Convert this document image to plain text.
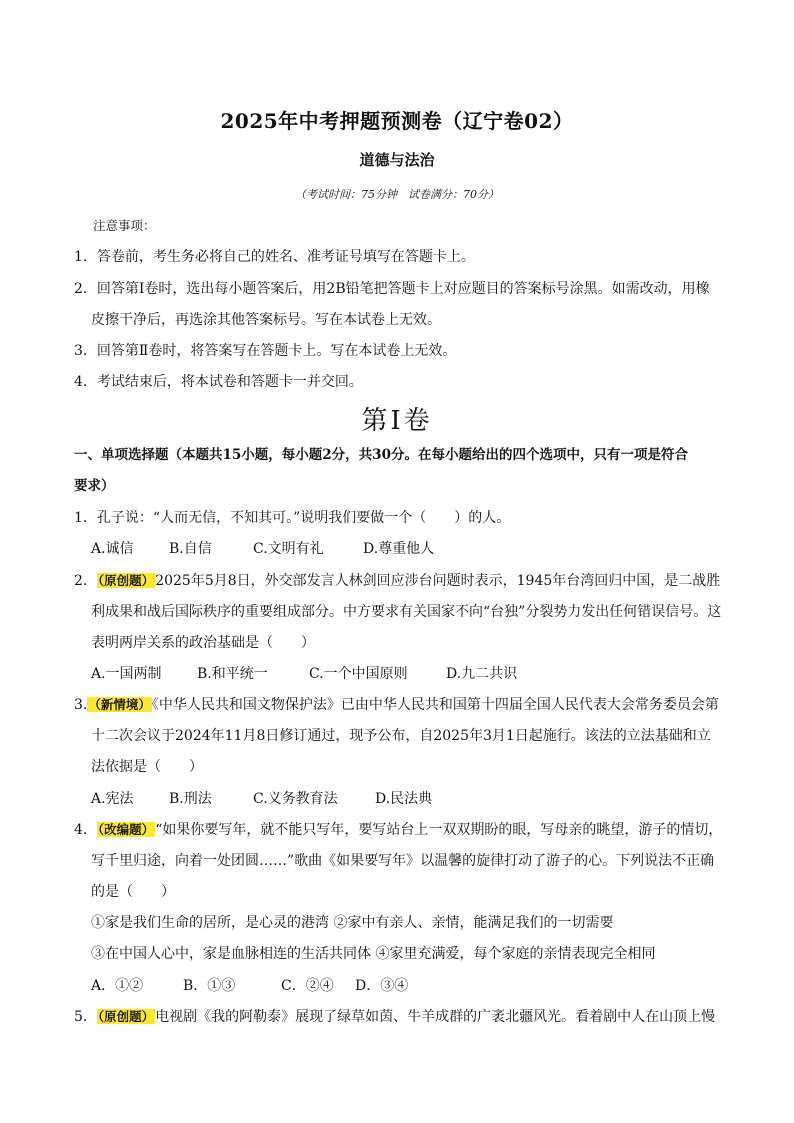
2025年中考押题预测卷（辽宁卷02）
道德与法治
（考试时间：75分钟　试卷满分：70分）
注意事项：
1．答卷前，考生务必将自己的姓名、准考证号填写在答题卡上。
2．回答第Ⅰ卷时，选出每小题答案后，用2B铅笔把答题卡上对应题目的答案标号涂黑。如需改动，用橡
皮擦干净后，再选涂其他答案标号。写在本试卷上无效。
3．回答第Ⅱ卷时，将答案写在答题卡上。写在本试卷上无效。
4．考试结束后，将本试卷和答题卡一并交回。
第Ⅰ卷
一、单项选择题（本题共15小题，每小题2分，共30分。在每小题给出的四个选项中，只有一项是符合
要求）
1．孔子说：“人而无信，不知其可。”说明我们要做一个（　　）的人。
A.诚信	B.自信	C.文明有礼	D.尊重他人
2．（原创题）2025年5月8日，外交部发言人林剑回应涉台问题时表示，1945年台湾回归中国，是二战胜
利成果和战后国际秩序的重要组成部分。中方要求有关国家不向“台独”分裂势力发出任何错误信号。这
表明两岸关系的政治基础是（　　）
A.一国两制	B.和平统一	C.一个中国原则	D.九二共识
3.（新情境）《中华人民共和国文物保护法》已由中华人民共和国第十四届全国人民代表大会常务委员会第
十二次会议于2024年11月8日修订通过，现予公布，自2025年3月1日起施行。该法的立法基础和立
法依据是（　　）
A.宪法	B.刑法	C.义务教育法	D.民法典
4．（改编题）“如果你要写年，就不能只写年，要写站台上一双双期盼的眼，写母亲的眺望，游子的情切，
写千里归途，向着一处团圆……”歌曲《如果要写年》以温馨的旋律打动了游子的心。下列说法不正确
的是（　　）
①家是我们生命的居所，是心灵的港湾 ②家中有亲人、亲情，能满足我们的一切需要
③在中国人心中，家是血脉相连的生活共同体 ④家里充满爱，每个家庭的亲情表现完全相同
A．①②	B．①③	C．②④ D．③④
5．（原创题）电视剧《我的阿勒泰》展现了绿草如茵、牛羊成群的广袤北疆风光。看着剧中人在山顶上慢
